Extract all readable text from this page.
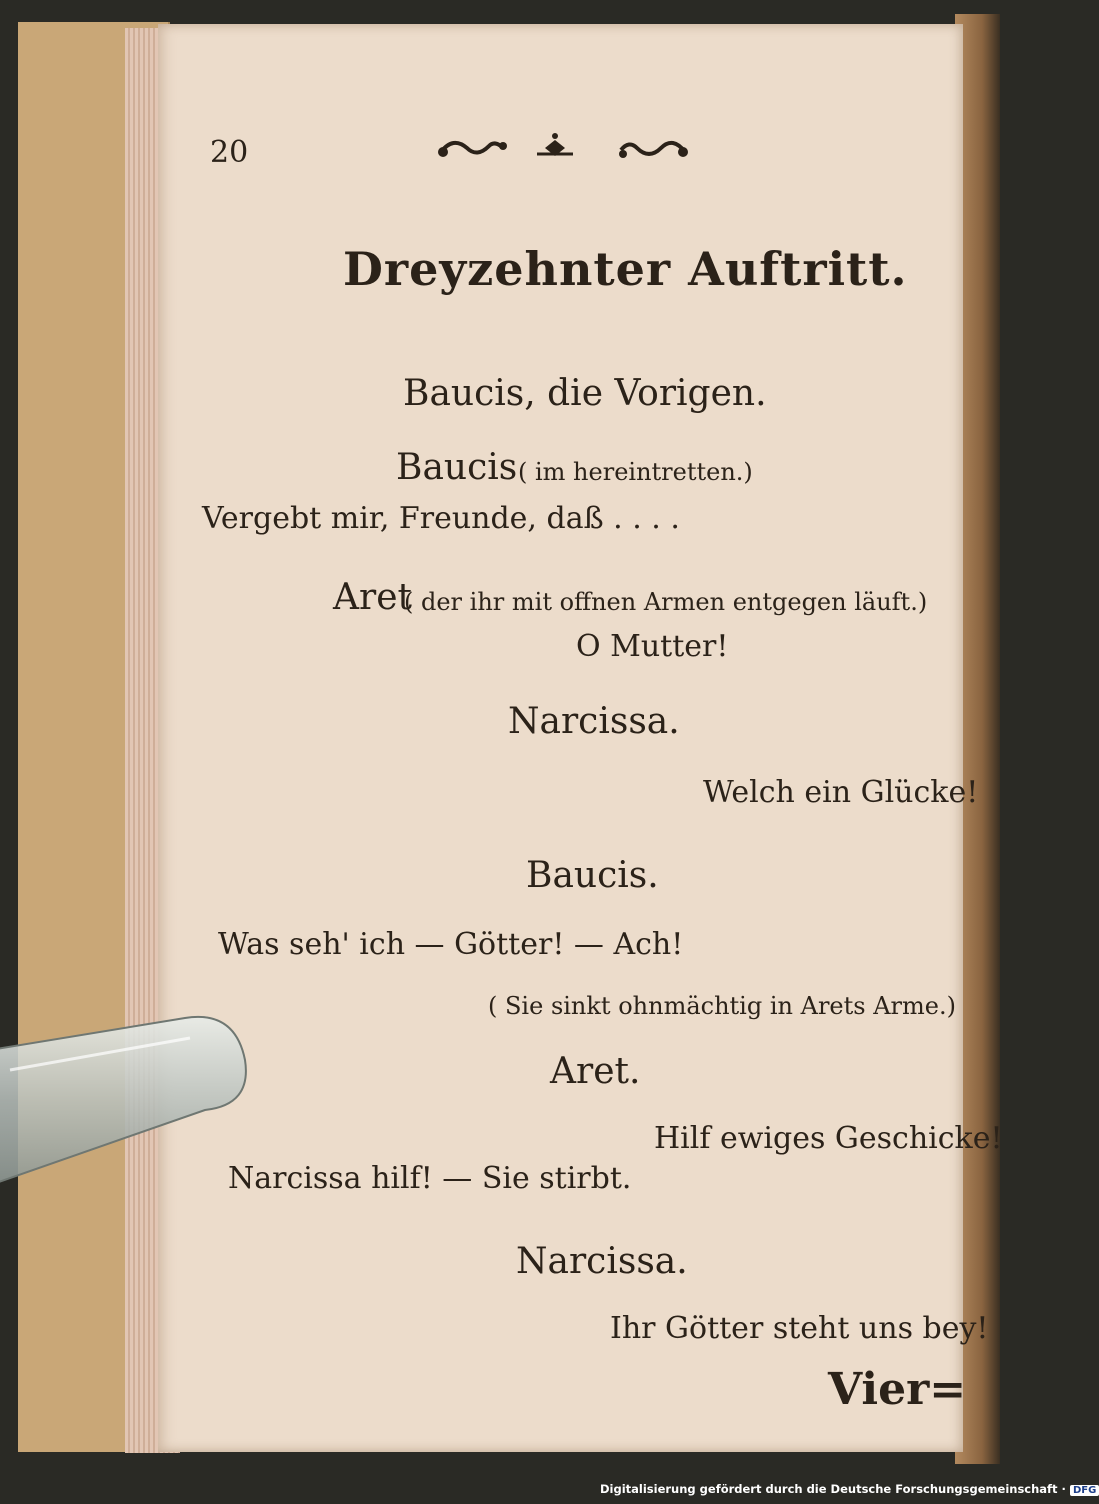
20
Dreyzehnter Auftritt.
Baucis, die Vorigen.
Baucis ( im hereintretten.)
Vergebt mir, Freunde, daß . . . .
Aret
( der ihr mit offnen Armen entgegen läuft.)
O Mutter!
Narcissa.
Welch ein Glücke!
Baucis.
Was seh' ich — Götter! — Ach!
( Sie sinkt ohnmächtig in Arets Arme.)
Aret.
Hilf ewiges Geschicke!
Narcissa hilf! — Sie stirbt.
Narcissa.
Ihr Götter steht uns bey!
Vier=
Digitalisierung gefördert durch die Deutsche Forschungsgemeinschaft · DFG
